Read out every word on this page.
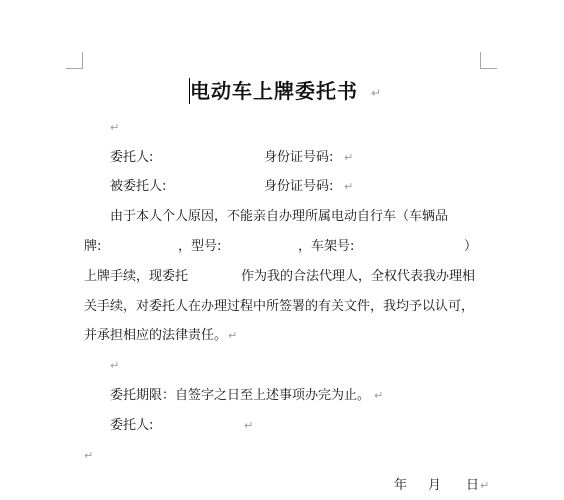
电动车上牌委托书 ↵
↵
委托人:	身份证号码: ↵
被委托人:	身份证号码: ↵
由于本人个人原因，不能亲自办理所属电动自行车（车辆品
牌:	，型号:	，车架号:	）
上牌手续，现委托	作为我的合法代理人，全权代表我办理相
关手续，对委托人在办理过程中所签署的有关文件，我均予以认可，
并承担相应的法律责任。 ↵
↵
委托期限：自签字之日至上述事项办完为止。 ↵
委托人:	↵
↵
年 月 日 ↵
